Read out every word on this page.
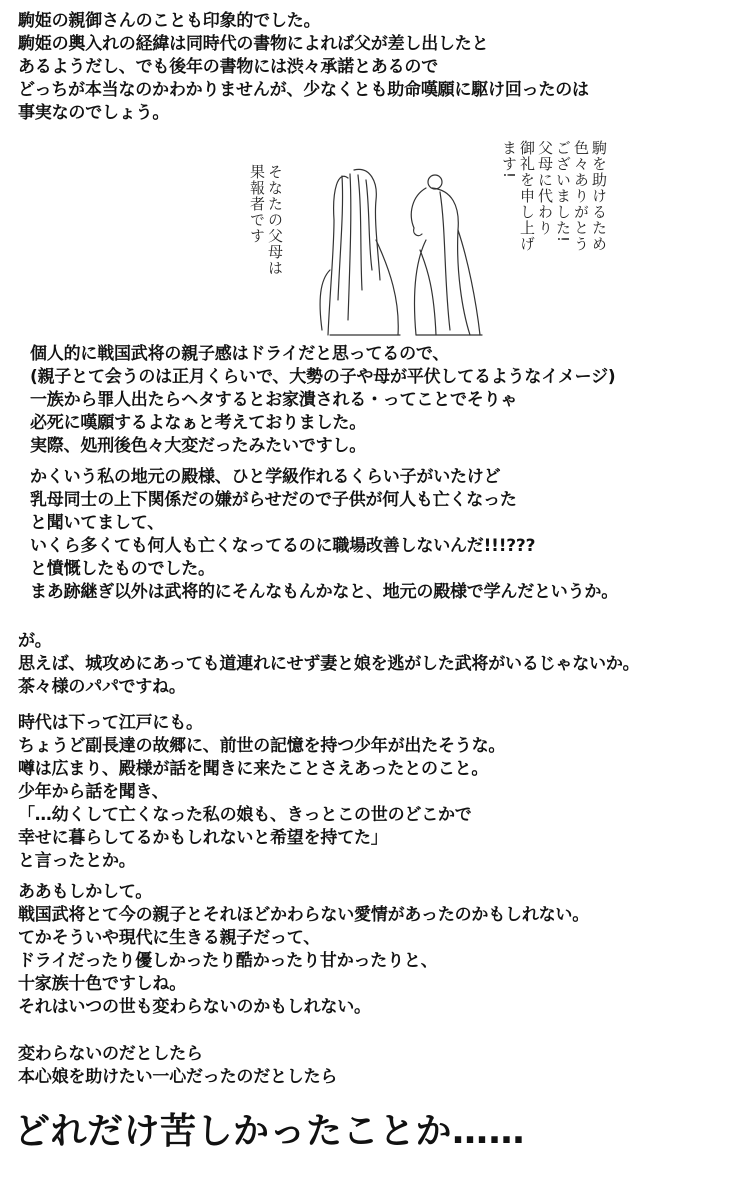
駒姫の親御さんのことも印象的でした。
駒姫の輿入れの経緯は同時代の書物によれば父が差し出したと
あるようだし、でも後年の書物には渋々承諾とあるので
どっちが本当なのかわかりませんが、少なくとも助命嘆願に駆け回ったのは
事実なのでしょう。
個人的に戦国武将の親子感はドライだと思ってるので、
(親子とて会うのは正月くらいで、大勢の子や母が平伏してるようなイメージ)
一族から罪人出たらヘタするとお家潰される・ってことでそりゃ
必死に嘆願するよなぁと考えておりました。
実際、処刑後色々大変だったみたいですし。
かくいう私の地元の殿様、ひと学級作れるくらい子がいたけど
乳母同士の上下関係だの嫌がらせだので子供が何人も亡くなった
と聞いてまして、
いくら多くても何人も亡くなってるのに職場改善しないんだ!!!???
と憤慨したものでした。
まあ跡継ぎ以外は武将的にそんなもんかなと、地元の殿様で学んだというか。
が。
思えば、城攻めにあっても道連れにせず妻と娘を逃がした武将がいるじゃないか。
茶々様のパパですね。
時代は下って江戸にも。
ちょうど副長達の故郷に、前世の記憶を持つ少年が出たそうな。
噂は広まり、殿様が話を聞きに来たことさえあったとのこと。
少年から話を聞き、
「…幼くして亡くなった私の娘も、きっとこの世のどこかで
幸せに暮らしてるかもしれないと希望を持てた」
と言ったとか。
ああもしかして。
戦国武将とて今の親子とそれほどかわらない愛情があったのかもしれない。
てかそういや現代に生きる親子だって、
ドライだったり優しかったり酷かったり甘かったりと、
十家族十色ですしね。
それはいつの世も変わらないのかもしれない。
変わらないのだとしたら
本心娘を助けたい一心だったのだとしたら
そなたの父母は
果報者です	駒を助けるため
色々ありがとう
ございました!
父母に代わり
御礼を申し上げ
ます!
どれだけ苦しかったことか……
